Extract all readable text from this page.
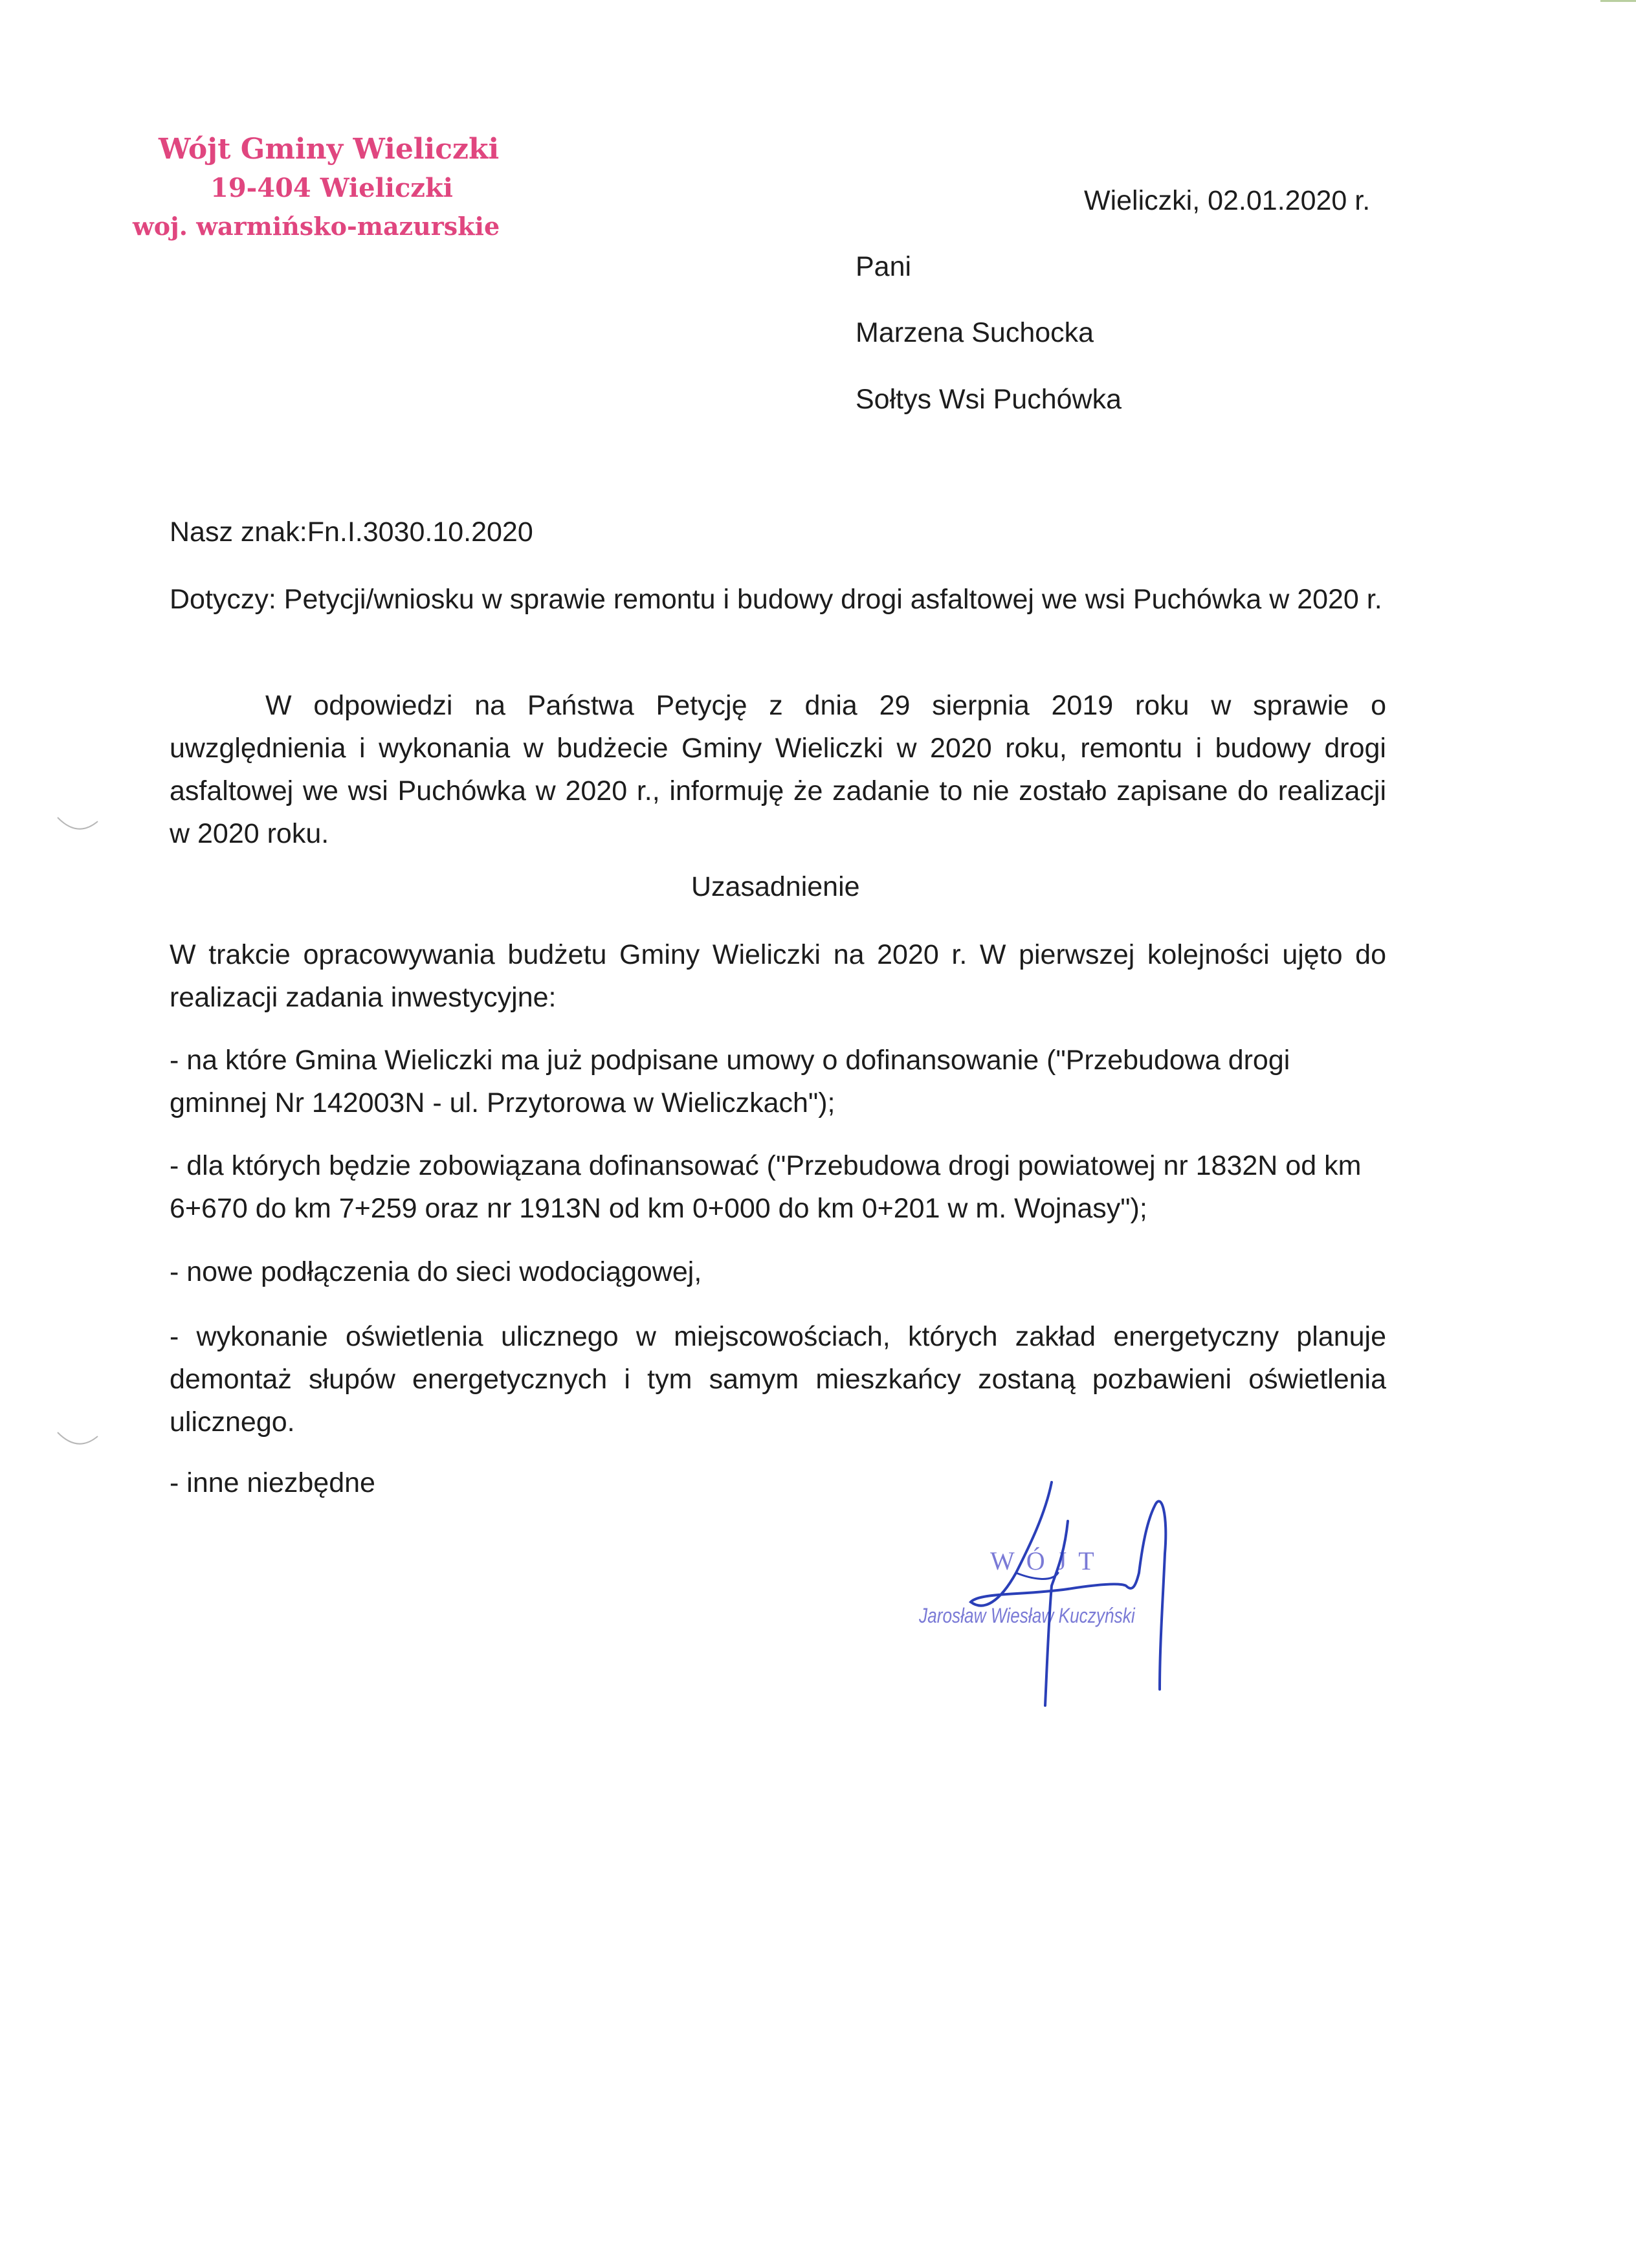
Wójt Gminy Wieliczki
19-404 Wieliczki
woj. warmińsko-mazurskie
Wieliczki, 02.01.2020 r.
Pani
Marzena Suchocka
Sołtys Wsi Puchówka
Nasz znak:Fn.I.3030.10.2020
Dotyczy: Petycji/wniosku w sprawie remontu i budowy drogi asfaltowej we wsi Puchówka w 2020 r.
W odpowiedzi na Państwa Petycję z dnia 29 sierpnia 2019 roku w sprawie o uwzględnienia i wykonania w budżecie Gminy Wieliczki w 2020 roku, remontu i budowy drogi asfaltowej we wsi Puchówka w 2020 r., informuję że zadanie to nie zostało zapisane do realizacji w 2020 roku.
Uzasadnienie
W trakcie opracowywania budżetu Gminy Wieliczki na 2020 r. W pierwszej kolejności ujęto do realizacji zadania inwestycyjne:
- na które Gmina Wieliczki ma już podpisane umowy o dofinansowanie ("Przebudowa drogi gminnej Nr 142003N - ul. Przytorowa w Wieliczkach");
- dla których będzie zobowiązana dofinansować ("Przebudowa drogi powiatowej nr 1832N od km 6+670 do km 7+259 oraz nr 1913N od km 0+000 do km 0+201 w m. Wojnasy");
- nowe podłączenia do sieci wodociągowej,
- wykonanie oświetlenia ulicznego w miejscowościach, których zakład energetyczny planuje demontaż słupów energetycznych i tym samym mieszkańcy zostaną pozbawieni oświetlenia ulicznego.
- inne niezbędne
WÓJT
Jarosław Wiesław Kuczyński
